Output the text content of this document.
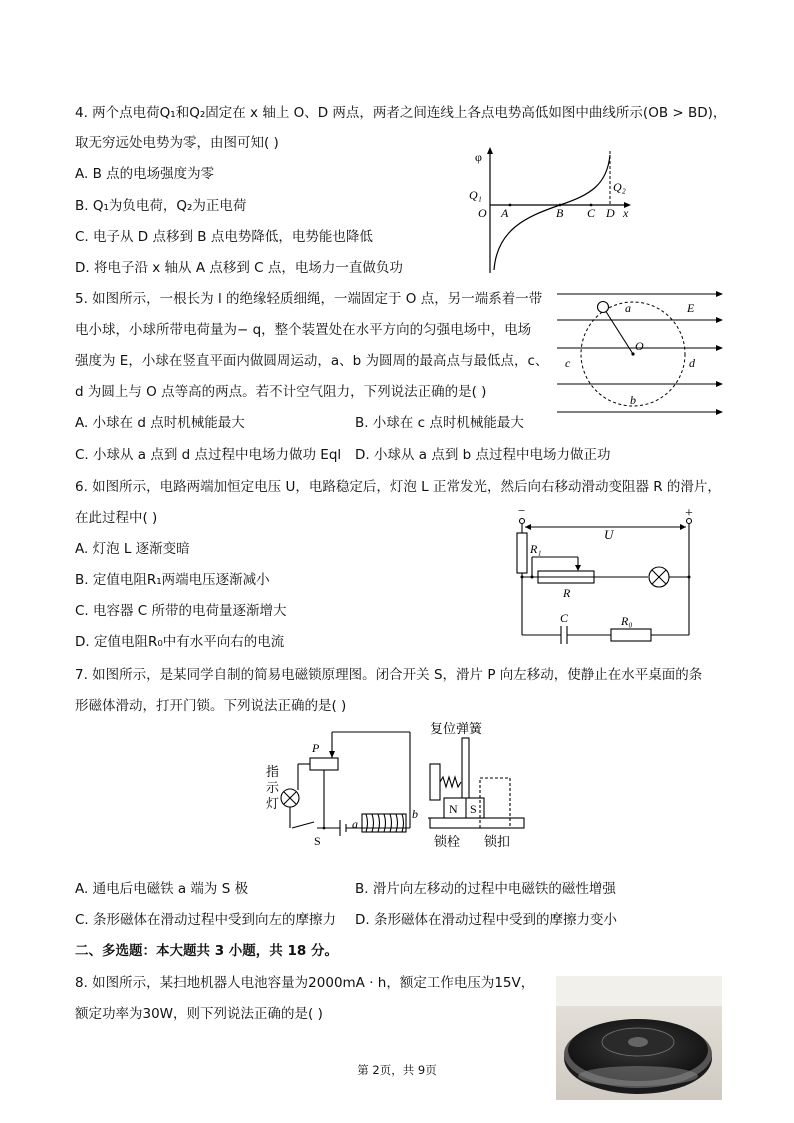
4. 两个点电荷Q₁和Q₂固定在 x 轴上 O、D 两点，两者之间连线上各点电势高低如图中曲线所示(OB > BD)，
取无穷远处电势为零，由图可知( )
A. B 点的电场强度为零
B. Q₁为负电荷，Q₂为正电荷
C. 电子从 D 点移到 B 点电势降低，电势能也降低
D. 将电子沿 x 轴从 A 点移到 C 点，电场力一直做负功
φ
Q₁
O A	B C D x
Q₂
5. 如图所示，一根长为 l 的绝缘轻质细绳，一端固定于 O 点，另一端系着一带
电小球，小球所带电荷量为− q，整个装置处在水平方向的匀强电场中，电场
强度为 E，小球在竖直平面内做圆周运动，a、b 为圆周的最高点与最低点，c、
d 为圆上与 O 点等高的两点。若不计空气阻力，下列说法正确的是( )
A. 小球在 d 点时机械能最大	B. 小球在 c 点时机械能最大
C. 小球从 a 点到 d 点过程中电场力做功 Eql D. 小球从 a 点到 b 点过程中电场力做正功
a
O
c	d
b
E
6. 如图所示，电路两端加恒定电压 U，电路稳定后，灯泡 L 正常发光，然后向右移动滑动变阻器 R 的滑片，
在此过程中( )
A. 灯泡 L 逐渐变暗
B. 定值电阻R₁两端电压逐渐减小
C. 电容器 C 所带的电荷量逐渐增大
D. 定值电阻R₀中有水平向右的电流
−	+
U
R₁
R
C	R₀
7. 如图所示，是某同学自制的简易电磁锁原理图。闭合开关 S，滑片 P 向左移动，使静止在水平桌面的条
形磁体滑动，打开门锁。下列说法正确的是( )
复位弹簧
P
指
示
灯
a
b
S
N S
锁栓 锁扣
A. 通电后电磁铁 a 端为 S 极	B. 滑片向左移动的过程中电磁铁的磁性增强
C. 条形磁体在滑动过程中受到向左的摩擦力 D. 条形磁体在滑动过程中受到的摩擦力变小
二、多选题：本大题共 3 小题，共 18 分。
8. 如图所示，某扫地机器人电池容量为2000mA · h，额定工作电压为15V，
额定功率为30W，则下列说法正确的是( )
第 2页，共 9页
